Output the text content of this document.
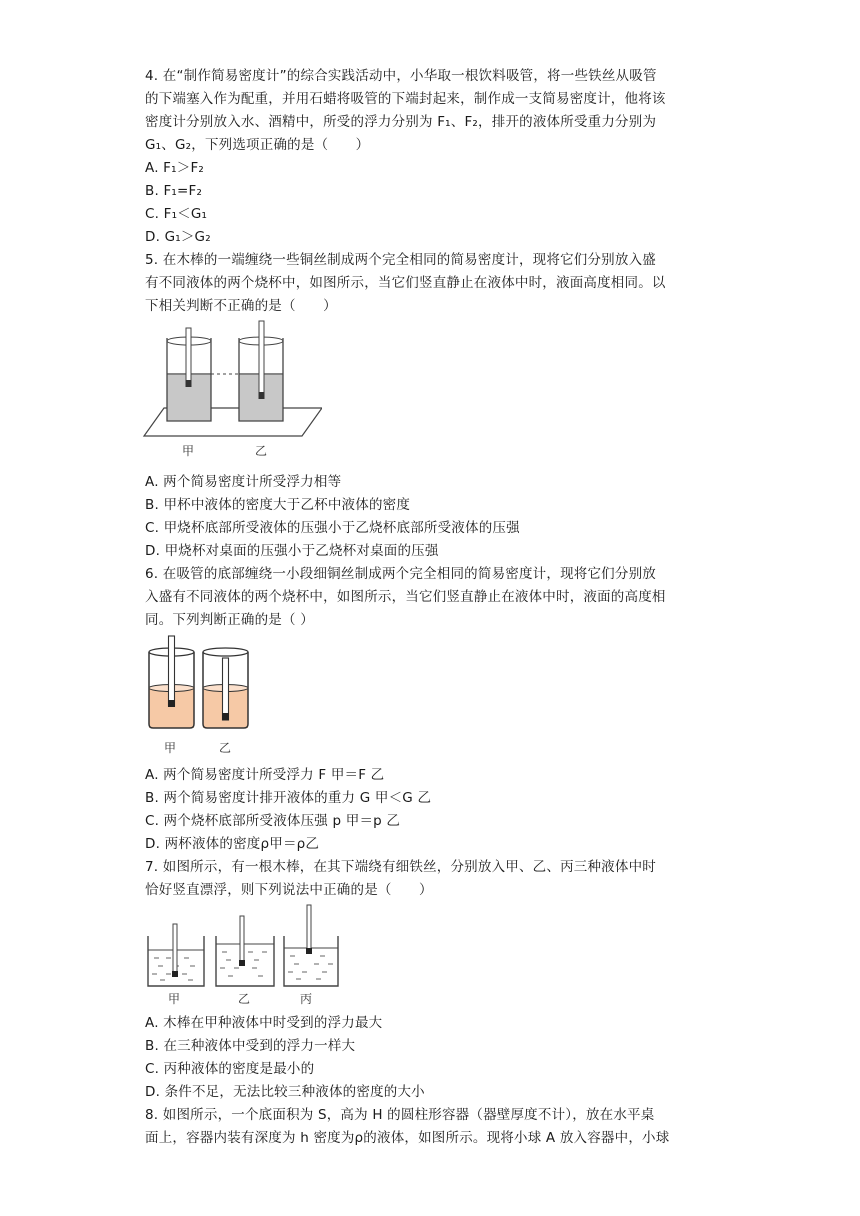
4. 在“制作简易密度计”的综合实践活动中，小华取一根饮料吸管，将一些铁丝从吸管
的下端塞入作为配重，并用石蜡将吸管的下端封起来，制作成一支简易密度计，他将该
密度计分别放入水、酒精中，所受的浮力分别为 F₁、F₂，排开的液体所受重力分别为
G₁、G₂，下列选项正确的是（　　）
A. F₁＞F₂
B. F₁=F₂
C. F₁＜G₁
D. G₁＞G₂
5. 在木棒的一端缠绕一些铜丝制成两个完全相同的简易密度计，现将它们分别放入盛
有不同液体的两个烧杯中，如图所示，当它们竖直静止在液体中时，液面高度相同。以
下相关判断不正确的是（　　）
甲	乙
A. 两个简易密度计所受浮力相等
B. 甲杯中液体的密度大于乙杯中液体的密度
C. 甲烧杯底部所受液体的压强小于乙烧杯底部所受液体的压强
D. 甲烧杯对桌面的压强小于乙烧杯对桌面的压强
6. 在吸管的底部缠绕一小段细铜丝制成两个完全相同的简易密度计，现将它们分别放
入盛有不同液体的两个烧杯中，如图所示，当它们竖直静止在液体中时，液面的高度相
同。下列判断正确的是（ ）
甲	乙
A. 两个简易密度计所受浮力 F 甲＝F 乙
B. 两个简易密度计排开液体的重力 G 甲＜G 乙
C. 两个烧杯底部所受液体压强 p 甲＝p 乙
D. 两杯液体的密度ρ甲＝ρ乙
7. 如图所示，有一根木棒，在其下端绕有细铁丝，分别放入甲、乙、丙三种液体中时
恰好竖直漂浮，则下列说法中正确的是（　　）
甲	乙	丙
A. 木棒在甲种液体中时受到的浮力最大
B. 在三种液体中受到的浮力一样大
C. 丙种液体的密度是最小的
D. 条件不足，无法比较三种液体的密度的大小
8. 如图所示，一个底面积为 S，高为 H 的圆柱形容器（器壁厚度不计），放在水平桌
面上，容器内装有深度为 h 密度为ρ的液体，如图所示。现将小球 A 放入容器中，小球
